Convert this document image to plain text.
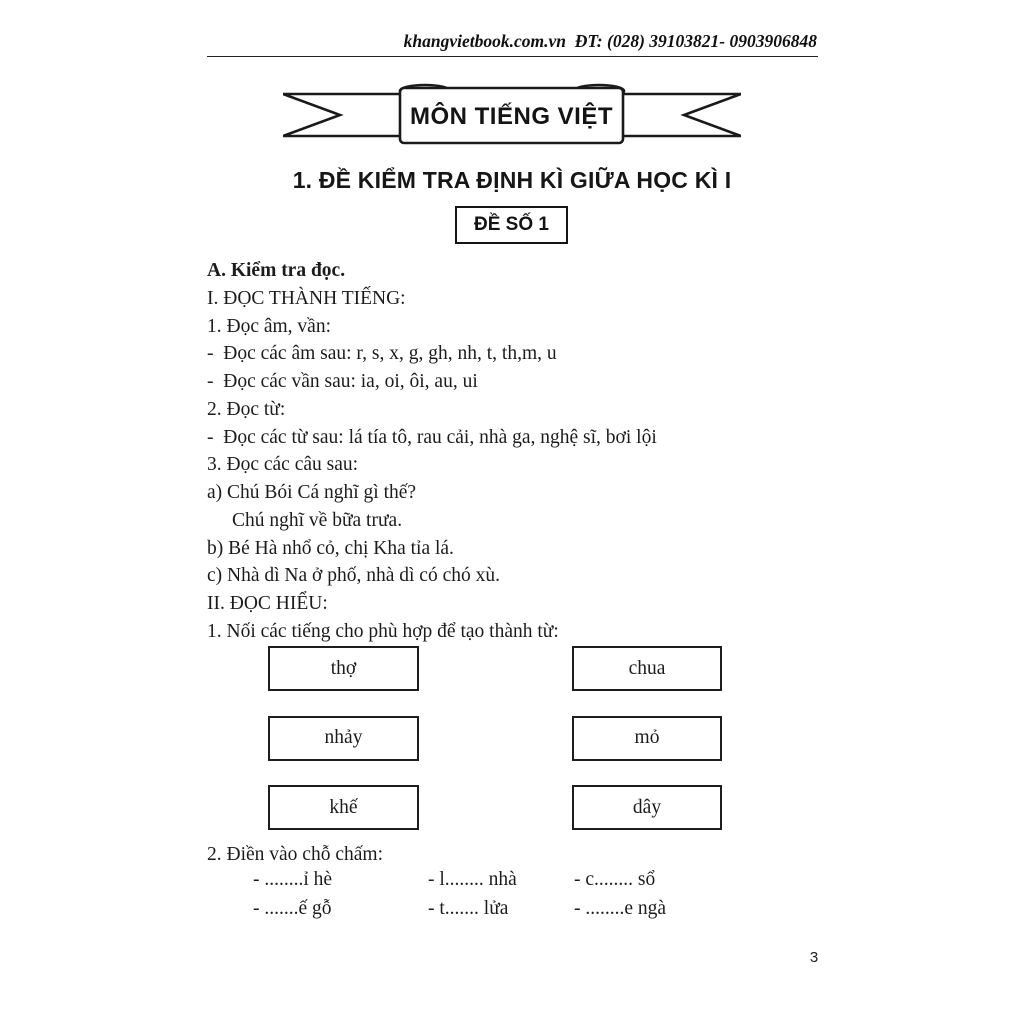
khangvietbook.com.vn  ĐT: (028) 39103821- 0903906848
MÔN TIẾNG VIỆT
1. ĐỀ KIỂM TRA ĐỊNH KÌ GIỮA HỌC KÌ I
ĐỀ SỐ 1
A. Kiểm tra đọc.
I. ĐỌC THÀNH TIẾNG:
1. Đọc âm, vần:
-  Đọc các âm sau: r, s, x, g, gh, nh, t, th,m, u
-  Đọc các vần sau: ia, oi, ôi, au, ui
2. Đọc từ:
-  Đọc các từ sau: lá tía tô, rau cải, nhà ga, nghệ sĩ, bơi lội
3. Đọc các câu sau:
a) Chú Bói Cá nghĩ gì thế?
Chú nghĩ về bữa trưa.
b) Bé Hà nhổ cỏ, chị Kha tỉa lá.
c) Nhà dì Na ở phố, nhà dì có chó xù.
II. ĐỌC HIỂU:
1. Nối các tiếng cho phù hợp để tạo thành từ:
thợ	chua
nhảy	mỏ
khế	dây
2. Điền vào chỗ chấm:
- ........ỉ hè	- l........ nhà	- c........ sổ
- .......ế gỗ	- t....... lửa	- ........e ngà
3
